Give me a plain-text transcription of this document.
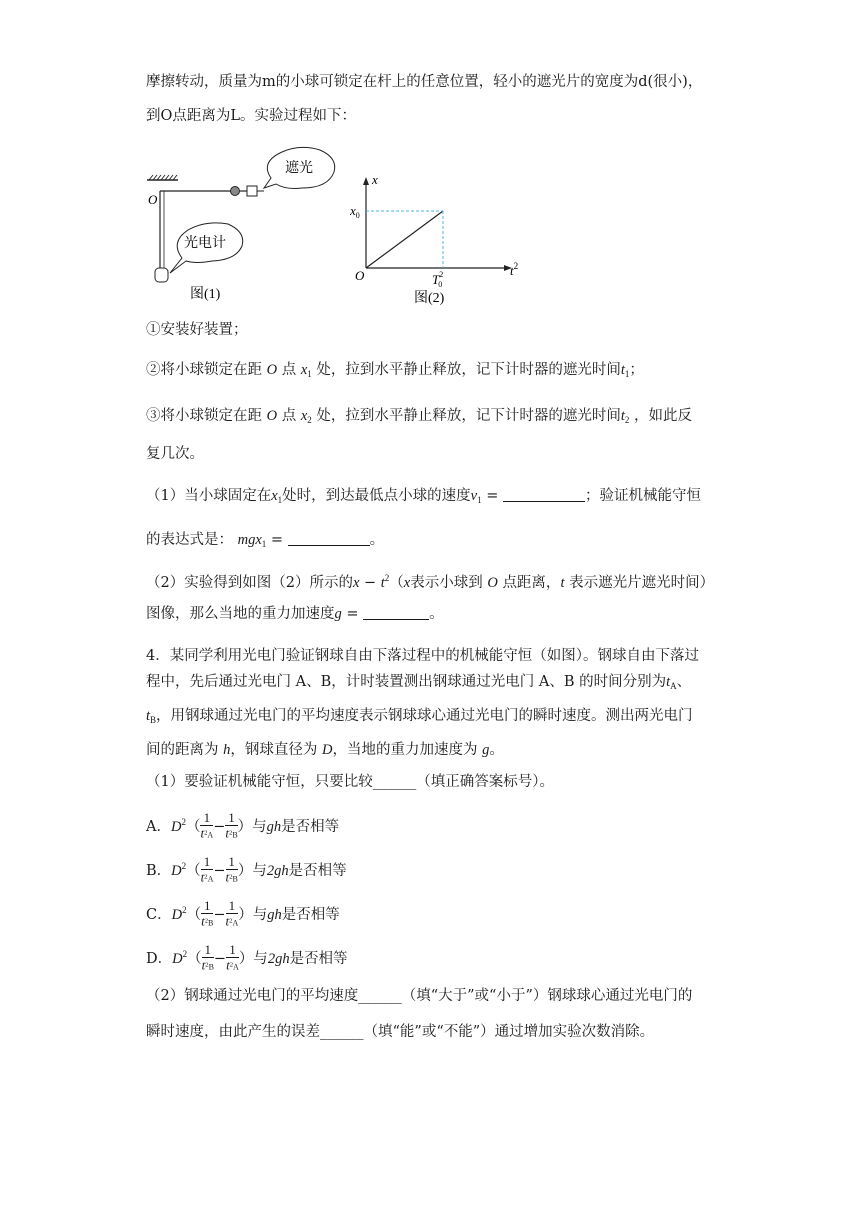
摩擦转动，质量为m的小球可锁定在杆上的任意位置，轻小的遮光片的宽度为d(很小)，
到O点距离为L。实验过程如下：
遮光
O
光电计
图(1)
x
O	$t^2$
$x_0$
$T^2$ 0
图(2)
①安装好装置；
②将小球锁定在距 O 点 $x_1$ 处，拉到水平静止释放，记下计时器的遮光时间$t_1$；
③将小球锁定在距 O 点 $x_2$ 处，拉到水平静止释放，记下计时器的遮光时间$t_2$ ，如此反
复几次。
（1）当小球固定在$x_1$处时，到达最低点小球的速度$v_1$ =	；验证机械能守恒
的表达式是： mgx$_1$ =	。
（2）实验得到如图（2）所示的$x - t^2(x$表示小球到 O 点距离，t 表示遮光片遮光时间）
图像，那么当地的重力加速度g =	。
4．某同学利用光电门验证钢球自由下落过程中的机械能守恒（如图）。钢球自由下落过
程中，先后通过光电门 A、B，计时装置测出钢球通过光电门 A、B 的时间分别为$t_A$、
$t_B$，用钢球通过光电门的平均速度表示钢球球心通过光电门的瞬时速度。测出两光电门
间的距离为 h，钢球直径为 D，当地的重力加速度为 g。
（1）要验证机械能守恒，只要比较______（填正确答案标号）。
A．$D^2( \frac{1}{t^2A} - \frac{1}{t^2B}$ ）与gh是否相等
B．$D^2( \frac{1}{t^2A} - \frac{1}{t^2B}$ ）与2gh是否相等
C．$D^2( \frac{1}{t^2B} - \frac{1}{t^2A}$ ）与gh是否相等
D．$D^2( \frac{1}{t^2B} - \frac{1}{t^2A}$ ）与2gh是否相等
（2）钢球通过光电门的平均速度______（填“大于”或“小于”）钢球球心通过光电门的
瞬时速度，由此产生的误差______（填“能”或“不能”）通过增加实验次数消除。
